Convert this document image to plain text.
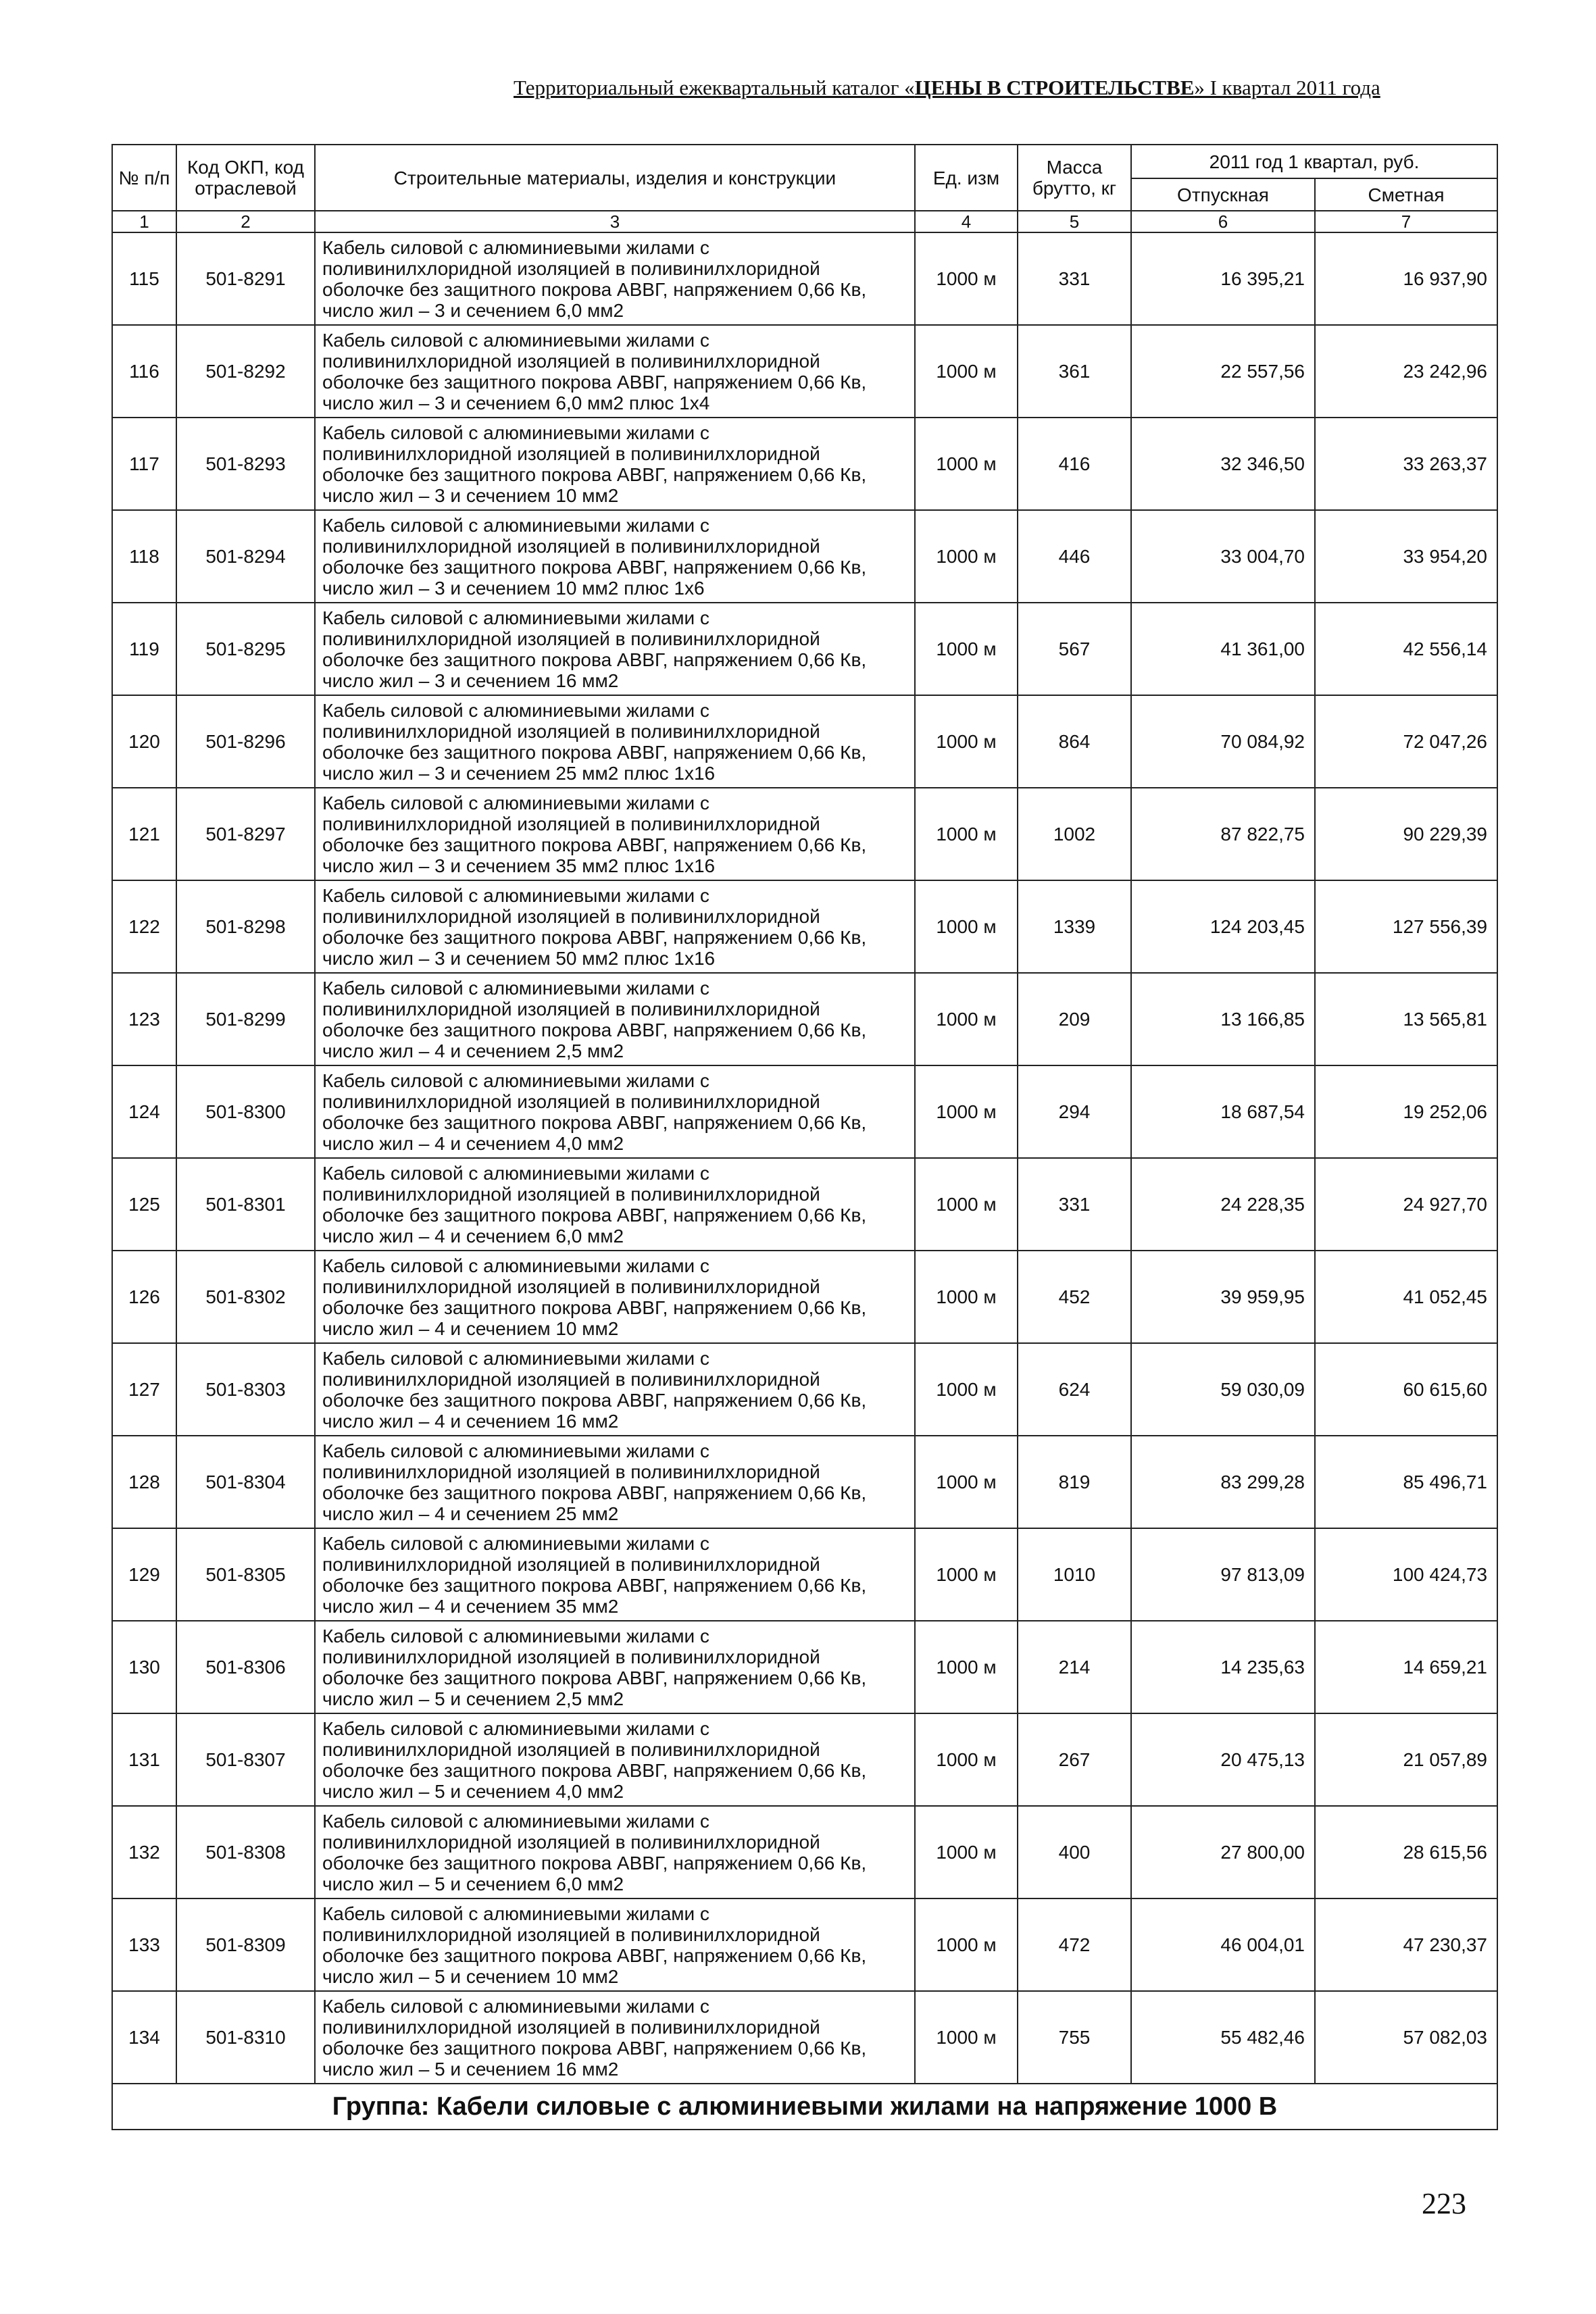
Территориальный ежеквартальный каталог «ЦЕНЫ В СТРОИТЕЛЬСТВЕ» I квартал 2011 года
№ п/п	Код ОКП, код отраслевой	Строительные материалы, изделия и конструкции	Ед. изм	Масса брутто, кг	2011 год 1 квартал, руб.	
					Отпускная	Сметная
1	2	3	4	5	6	7
115	501-8291	Кабель силовой с алюминиевыми жилами с
поливинилхлоридной изоляцией в поливинилхлоридной
оболочке без защитного покрова АВВГ, напряжением 0,66 Кв,
число жил – 3 и сечением 6,0 мм2	1000 м	331	16 395,21	16 937,90
116	501-8292	Кабель силовой с алюминиевыми жилами с
поливинилхлоридной изоляцией в поливинилхлоридной
оболочке без защитного покрова АВВГ, напряжением 0,66 Кв,
число жил – 3 и сечением 6,0 мм2 плюс 1х4	1000 м	361	22 557,56	23 242,96
117	501-8293	Кабель силовой с алюминиевыми жилами с
поливинилхлоридной изоляцией в поливинилхлоридной
оболочке без защитного покрова АВВГ, напряжением 0,66 Кв,
число жил – 3 и сечением 10 мм2	1000 м	416	32 346,50	33 263,37
118	501-8294	Кабель силовой с алюминиевыми жилами с
поливинилхлоридной изоляцией в поливинилхлоридной
оболочке без защитного покрова АВВГ, напряжением 0,66 Кв,
число жил – 3 и сечением 10 мм2 плюс 1х6	1000 м	446	33 004,70	33 954,20
119	501-8295	Кабель силовой с алюминиевыми жилами с
поливинилхлоридной изоляцией в поливинилхлоридной
оболочке без защитного покрова АВВГ, напряжением 0,66 Кв,
число жил – 3 и сечением 16 мм2	1000 м	567	41 361,00	42 556,14
120	501-8296	Кабель силовой с алюминиевыми жилами с
поливинилхлоридной изоляцией в поливинилхлоридной
оболочке без защитного покрова АВВГ, напряжением 0,66 Кв,
число жил – 3 и сечением 25 мм2 плюс 1х16	1000 м	864	70 084,92	72 047,26
121	501-8297	Кабель силовой с алюминиевыми жилами с
поливинилхлоридной изоляцией в поливинилхлоридной
оболочке без защитного покрова АВВГ, напряжением 0,66 Кв,
число жил – 3 и сечением 35 мм2 плюс 1х16	1000 м	1002	87 822,75	90 229,39
122	501-8298	Кабель силовой с алюминиевыми жилами с
поливинилхлоридной изоляцией в поливинилхлоридной
оболочке без защитного покрова АВВГ, напряжением 0,66 Кв,
число жил – 3 и сечением 50 мм2 плюс 1х16	1000 м	1339	124 203,45	127 556,39
123	501-8299	Кабель силовой с алюминиевыми жилами с
поливинилхлоридной изоляцией в поливинилхлоридной
оболочке без защитного покрова АВВГ, напряжением 0,66 Кв,
число жил – 4 и сечением 2,5 мм2	1000 м	209	13 166,85	13 565,81
124	501-8300	Кабель силовой с алюминиевыми жилами с
поливинилхлоридной изоляцией в поливинилхлоридной
оболочке без защитного покрова АВВГ, напряжением 0,66 Кв,
число жил – 4 и сечением 4,0 мм2	1000 м	294	18 687,54	19 252,06
125	501-8301	Кабель силовой с алюминиевыми жилами с
поливинилхлоридной изоляцией в поливинилхлоридной
оболочке без защитного покрова АВВГ, напряжением 0,66 Кв,
число жил – 4 и сечением 6,0 мм2	1000 м	331	24 228,35	24 927,70
126	501-8302	Кабель силовой с алюминиевыми жилами с
поливинилхлоридной изоляцией в поливинилхлоридной
оболочке без защитного покрова АВВГ, напряжением 0,66 Кв,
число жил – 4 и сечением 10 мм2	1000 м	452	39 959,95	41 052,45
127	501-8303	Кабель силовой с алюминиевыми жилами с
поливинилхлоридной изоляцией в поливинилхлоридной
оболочке без защитного покрова АВВГ, напряжением 0,66 Кв,
число жил – 4 и сечением 16 мм2	1000 м	624	59 030,09	60 615,60
128	501-8304	Кабель силовой с алюминиевыми жилами с
поливинилхлоридной изоляцией в поливинилхлоридной
оболочке без защитного покрова АВВГ, напряжением 0,66 Кв,
число жил – 4 и сечением 25 мм2	1000 м	819	83 299,28	85 496,71
129	501-8305	Кабель силовой с алюминиевыми жилами с
поливинилхлоридной изоляцией в поливинилхлоридной
оболочке без защитного покрова АВВГ, напряжением 0,66 Кв,
число жил – 4 и сечением 35 мм2	1000 м	1010	97 813,09	100 424,73
130	501-8306	Кабель силовой с алюминиевыми жилами с
поливинилхлоридной изоляцией в поливинилхлоридной
оболочке без защитного покрова АВВГ, напряжением 0,66 Кв,
число жил – 5 и сечением 2,5 мм2	1000 м	214	14 235,63	14 659,21
131	501-8307	Кабель силовой с алюминиевыми жилами с
поливинилхлоридной изоляцией в поливинилхлоридной
оболочке без защитного покрова АВВГ, напряжением 0,66 Кв,
число жил – 5 и сечением 4,0 мм2	1000 м	267	20 475,13	21 057,89
132	501-8308	Кабель силовой с алюминиевыми жилами с
поливинилхлоридной изоляцией в поливинилхлоридной
оболочке без защитного покрова АВВГ, напряжением 0,66 Кв,
число жил – 5 и сечением 6,0 мм2	1000 м	400	27 800,00	28 615,56
133	501-8309	Кабель силовой с алюминиевыми жилами с
поливинилхлоридной изоляцией в поливинилхлоридной
оболочке без защитного покрова АВВГ, напряжением 0,66 Кв,
число жил – 5 и сечением 10 мм2	1000 м	472	46 004,01	47 230,37
134	501-8310	Кабель силовой с алюминиевыми жилами с
поливинилхлоридной изоляцией в поливинилхлоридной
оболочке без защитного покрова АВВГ, напряжением 0,66 Кв,
число жил – 5 и сечением 16 мм2	1000 м	755	55 482,46	57 082,03
Группа: Кабели силовые с алюминиевыми жилами на напряжение 1000 В						
223
